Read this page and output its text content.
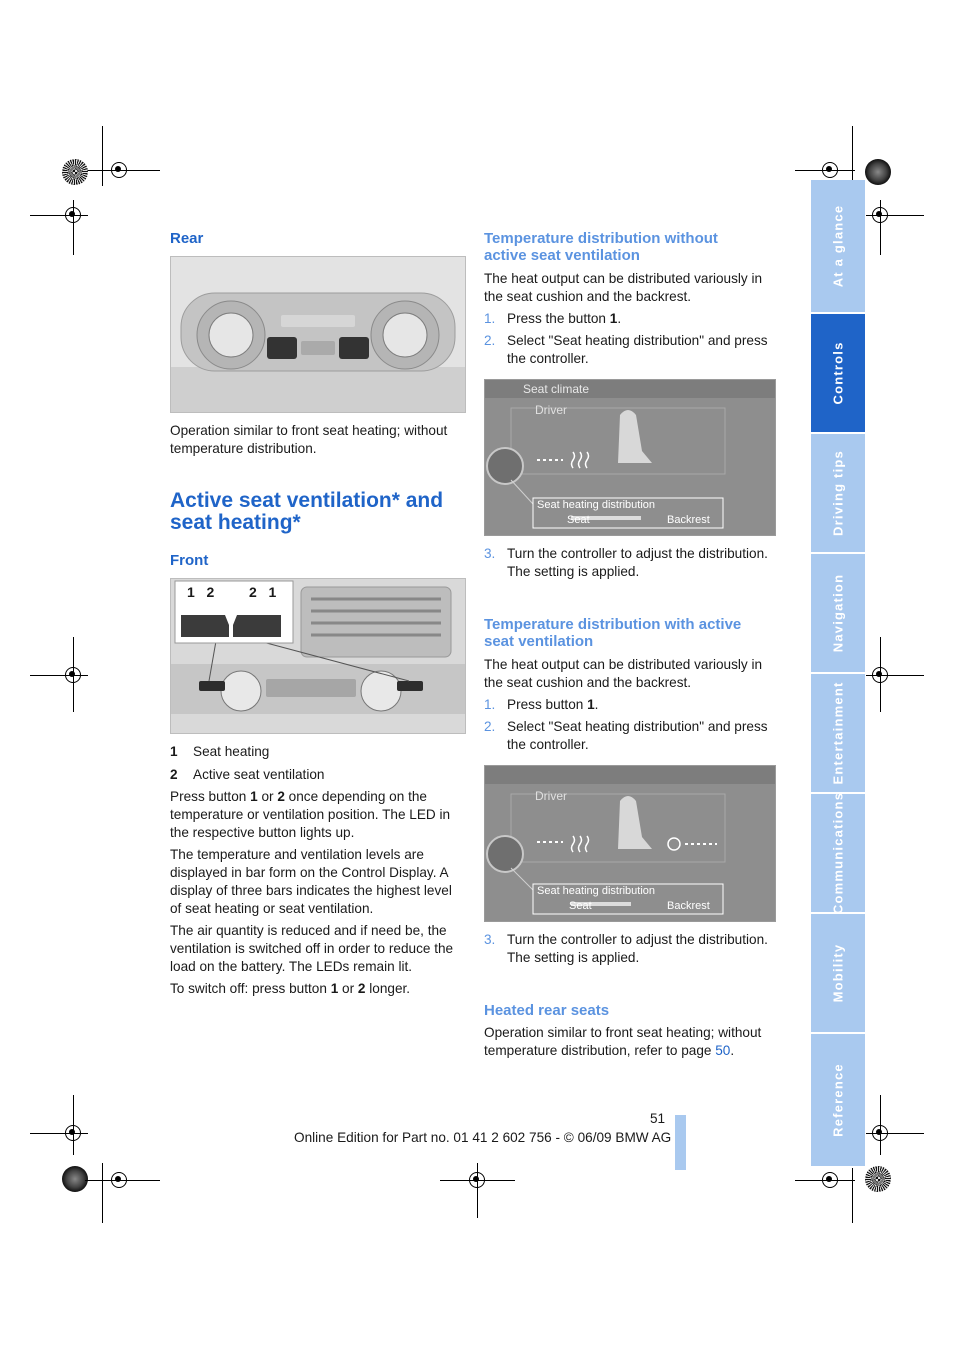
At a glance
Controls
Driving tips
Navigation
Entertainment
Communications
Mobility
Reference
Rear
Operation similar to front seat heating; without temperature distribution.
Active seat ventilation* and
seat heating*
Front
1 2 2 1
1 Seat heating
2 Active seat ventilation

Press button 1 or 2 once depending on the temperature or ventilation position. The LED in the respective button lights up.

The temperature and ventilation levels are displayed in bar form on the Control Display. A display of three bars indicates the highest level of seat heating or seat ventilation.

The air quantity is reduced and if need be, the ventilation is switched off in order to reduce the load on the battery. The LEDs remain lit.

To switch off: press button 1 or 2 longer.

Temperature distribution without
active seat ventilation
The heat output can be distributed variously in the seat cushion and the backrest.
1. Press the button 1.
2. Select "Seat heating distribution" and press the controller.
Seat climate
Driver
Seat heating distribution
Seat	Backrest
3. Turn the controller to adjust the distribution.
The setting is applied.
Temperature distribution with active
seat ventilation
The heat output can be distributed variously in the seat cushion and the backrest.
1. Press button 1.
2. Select "Seat heating distribution" and press the controller.
Driver
Seat heating distribution
Seat	Backrest
3. Turn the controller to adjust the distribution.
The setting is applied.
Heated rear seats
Operation similar to front seat heating; without temperature distribution, refer to page 50.
51
Online Edition for Part no. 01 41 2 602 756 - © 06/09 BMW AG
